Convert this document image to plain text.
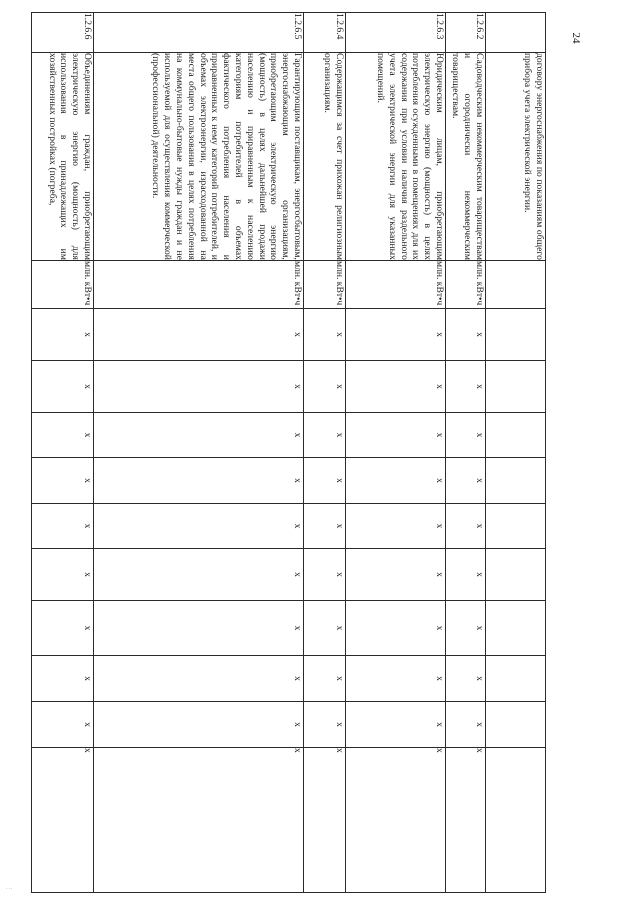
24

	договору энергоснабжения по показаниям общего прибора учета электрической энергии.											

1.2.6.2	Садоводческим некоммерческим товариществам и огороднически некоммерческим товариществам.	млн. кВт•ч	x	x	x	x	x	x	x	x	x	x
1.2.6.3	Юридическим лицам, приобретающим электрическую энергию (мощность) в целях потребления осужденными в помещениях для их содержания при условии наличия раздельного учета электрической энергии для указанных помещений.	млн. кВт•ч	x	x	x	x	x	x	x	x	x	x
1.2.6.4	Содержащимся за счет прихожан религиозным организациям.	млн. кВт•ч	x	x	x	x	x	x	x	x	x	x
1.2.6.5	Гарантирующим поставщикам, энергосбытовым, энергоснабжающим организациям, приобретающим электрическую энергию (мощность) в целях дальнейшей продажи населению и приравненным к населению категориям потребителей в объемах фактического потребления населения и приравненных к нему категорий потребителей, и объемах электроэнергии, израсходованной на места общего пользования в целях потребления на коммунально-бытовые нужды граждан и не используемой для осуществления коммерческой (профессиональной) деятельности.	млн. кВт•ч	x	x	x	x	x	x	x	x	x	x
1.2.6.6	Объединениям граждан, приобретающим электрическую энергию (мощность) для использования в принадлежащих им хозяйственных постройках (погреба,	млн. кВт•ч	x	x	x	x	x	x	x	x	x	x
...
